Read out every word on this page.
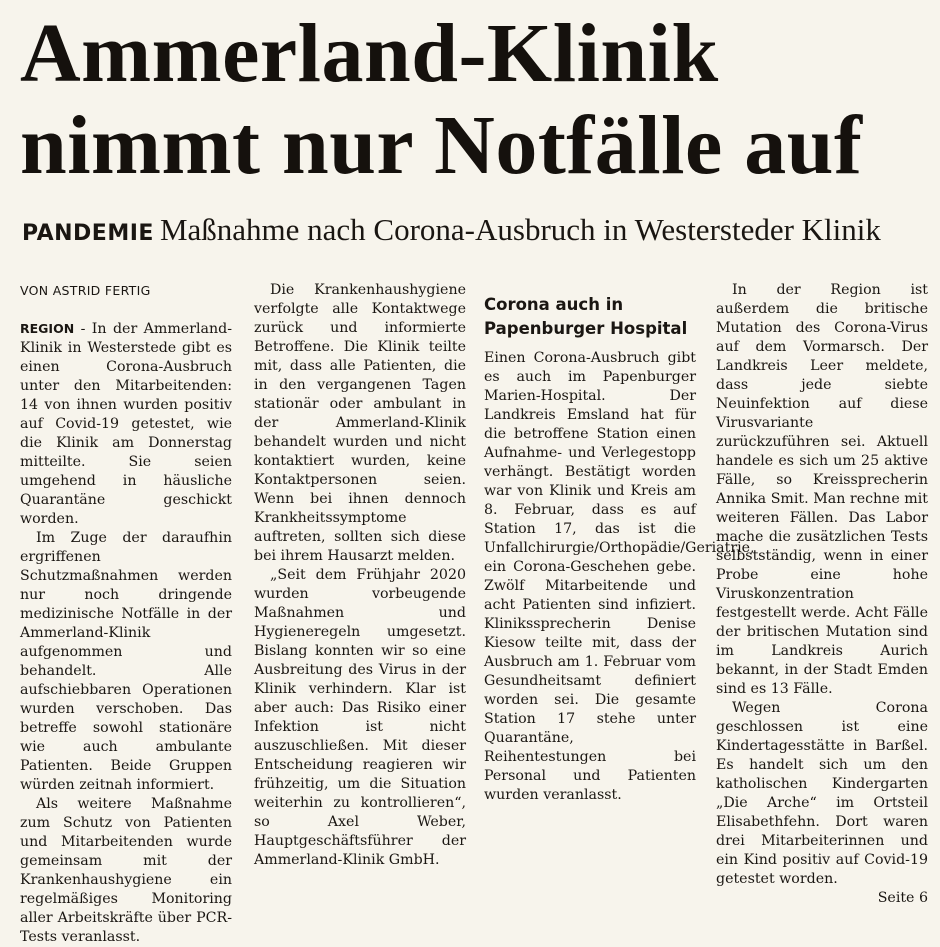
Ammerland-Klinik
nimmt nur Notfälle auf
PANDEMIE Maßnahme nach Corona-Ausbruch in Westersteder Klinik
VON ASTRID FERTIG

REGION - In der Ammerland-Klinik in Westerstede gibt es einen Corona-Ausbruch unter den Mitarbeitenden: 14 von ihnen wurden positiv auf Covid-19 getestet, wie die Klinik am Donnerstag mitteilte. Sie seien umgehend in häusliche Quarantäne geschickt worden.

Im Zuge der daraufhin ergriffenen Schutzmaßnahmen werden nur noch dringende medizinische Notfälle in der Ammerland-Klinik aufgenommen und behandelt. Alle aufschiebbaren Operationen wurden verschoben. Das betreffe sowohl stationäre wie auch ambulante Patienten. Beide Gruppen würden zeitnah informiert.

Als weitere Maßnahme zum Schutz von Patienten und Mitarbeitenden wurde gemeinsam mit der Krankenhaushygiene ein regelmäßiges Monitoring aller Arbeitskräfte über PCR-Tests veranlasst.

Die Krankenhaushygiene verfolgte alle Kontaktwege zurück und informierte Betroffene. Die Klinik teilte mit, dass alle Patienten, die in den vergangenen Tagen stationär oder ambulant in der Ammerland-Klinik behandelt wurden und nicht kontaktiert wurden, keine Kontaktpersonen seien. Wenn bei ihnen dennoch Krankheitssymptome auftreten, sollten sich diese bei ihrem Hausarzt melden.

„Seit dem Frühjahr 2020 wurden vorbeugende Maßnahmen und Hygieneregeln umgesetzt. Bislang konnten wir so eine Ausbreitung des Virus in der Klinik verhindern. Klar ist aber auch: Das Risiko einer Infektion ist nicht auszuschließen. Mit dieser Entscheidung reagieren wir frühzeitig, um die Situation weiterhin zu kontrollieren“, so Axel Weber, Hauptgeschäftsführer der Ammerland-Klinik GmbH.

Corona auch in Papenburger Hospital

Einen Corona-Ausbruch gibt es auch im Papenburger Marien-Hospital. Der Landkreis Emsland hat für die betroffene Station einen Aufnahme- und Verlegestopp verhängt. Bestätigt worden war von Klinik und Kreis am 8. Februar, dass es auf Station 17, das ist die Unfallchirurgie/Orthopädie/Geriatrie, ein Corona-Geschehen gebe. Zwölf Mitarbeitende und acht Patienten sind infiziert. Klinikssprecherin Denise Kiesow teilte mit, dass der Ausbruch am 1. Februar vom Gesundheitsamt definiert worden sei. Die gesamte Station 17 stehe unter Quarantäne, Reihentestungen bei Personal und Patienten wurden veranlasst.

In der Region ist außerdem die britische Mutation des Corona-Virus auf dem Vormarsch. Der Landkreis Leer meldete, dass jede siebte Neuinfektion auf diese Virusvariante zurückzuführen sei. Aktuell handele es sich um 25 aktive Fälle, so Kreissprecherin Annika Smit. Man rechne mit weiteren Fällen. Das Labor mache die zusätzlichen Tests selbstständig, wenn in einer Probe eine hohe Viruskonzentration festgestellt werde. Acht Fälle der britischen Mutation sind im Landkreis Aurich bekannt, in der Stadt Emden sind es 13 Fälle.

Wegen Corona geschlossen ist eine Kindertagesstätte in Barßel. Es handelt sich um den katholischen Kindergarten „Die Arche“ im Ortsteil Elisabethfehn. Dort waren drei Mitarbeiterinnen und ein Kind positiv auf Covid-19 getestet worden.

Seite 6
